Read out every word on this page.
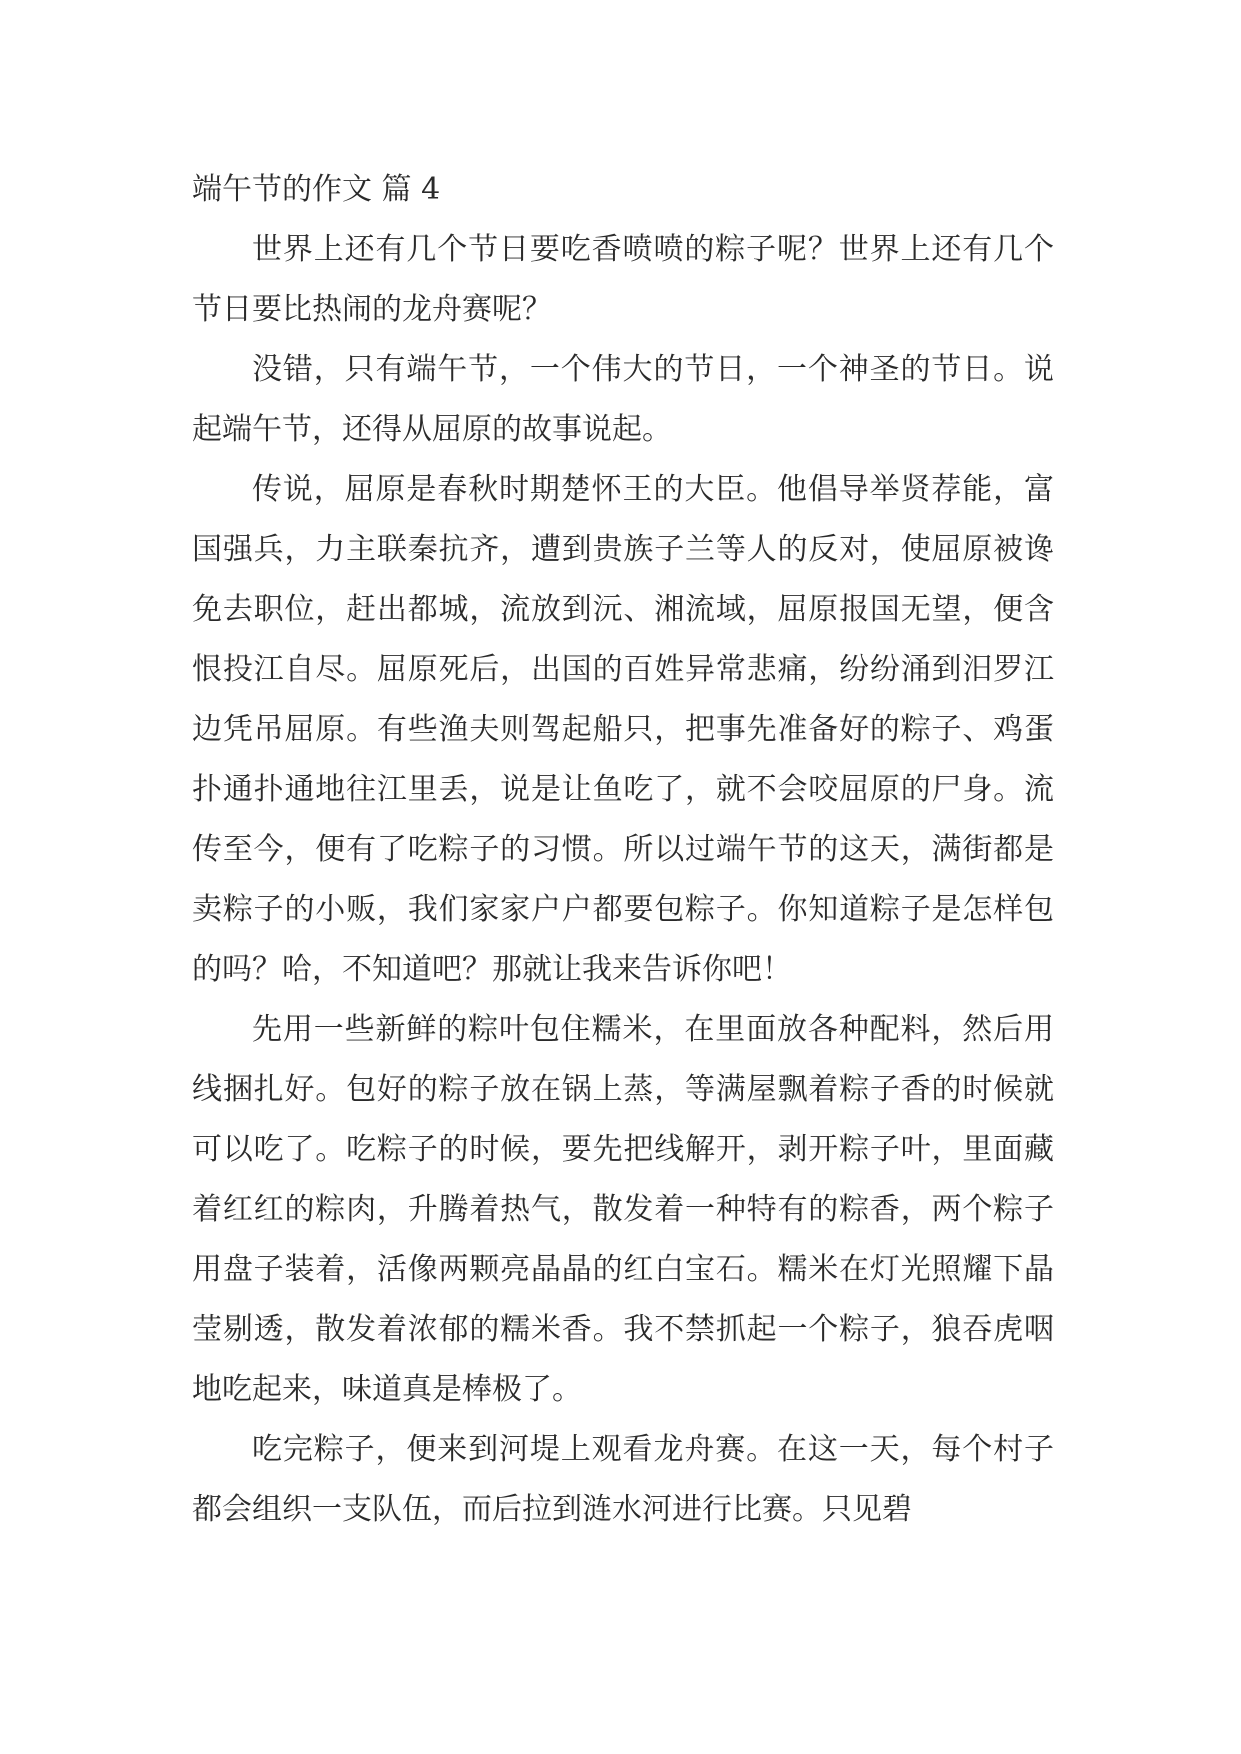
端午节的作文 篇 4

世界上还有几个节日要吃香喷喷的粽子呢？世界上还有几个节日要比热闹的龙舟赛呢？

没错，只有端午节，一个伟大的节日，一个神圣的节日。说起端午节，还得从屈原的故事说起。

传说，屈原是春秋时期楚怀王的大臣。他倡导举贤荐能，富国强兵，力主联秦抗齐，遭到贵族子兰等人的反对，使屈原被谗免去职位，赶出都城，流放到沅、湘流域，屈原报国无望，便含恨投江自尽。屈原死后，出国的百姓异常悲痛，纷纷涌到汨罗江边凭吊屈原。有些渔夫则驾起船只，把事先准备好的粽子、鸡蛋扑通扑通地往江里丢，说是让鱼吃了，就不会咬屈原的尸身。流传至今，便有了吃粽子的习惯。所以过端午节的这天，满街都是卖粽子的小贩，我们家家户户都要包粽子。你知道粽子是怎样包的吗？哈，不知道吧？那就让我来告诉你吧！

先用一些新鲜的粽叶包住糯米，在里面放各种配料，然后用线捆扎好。包好的粽子放在锅上蒸，等满屋飘着粽子香的时候就可以吃了。吃粽子的时候，要先把线解开，剥开粽子叶，里面藏着红红的粽肉，升腾着热气，散发着一种特有的粽香，两个粽子用盘子装着，活像两颗亮晶晶的红白宝石。糯米在灯光照耀下晶莹剔透，散发着浓郁的糯米香。我不禁抓起一个粽子，狼吞虎咽地吃起来，味道真是棒极了。

吃完粽子，便来到河堤上观看龙舟赛。在这一天，每个村子都会组织一支队伍，而后拉到涟水河进行比赛。只见碧
